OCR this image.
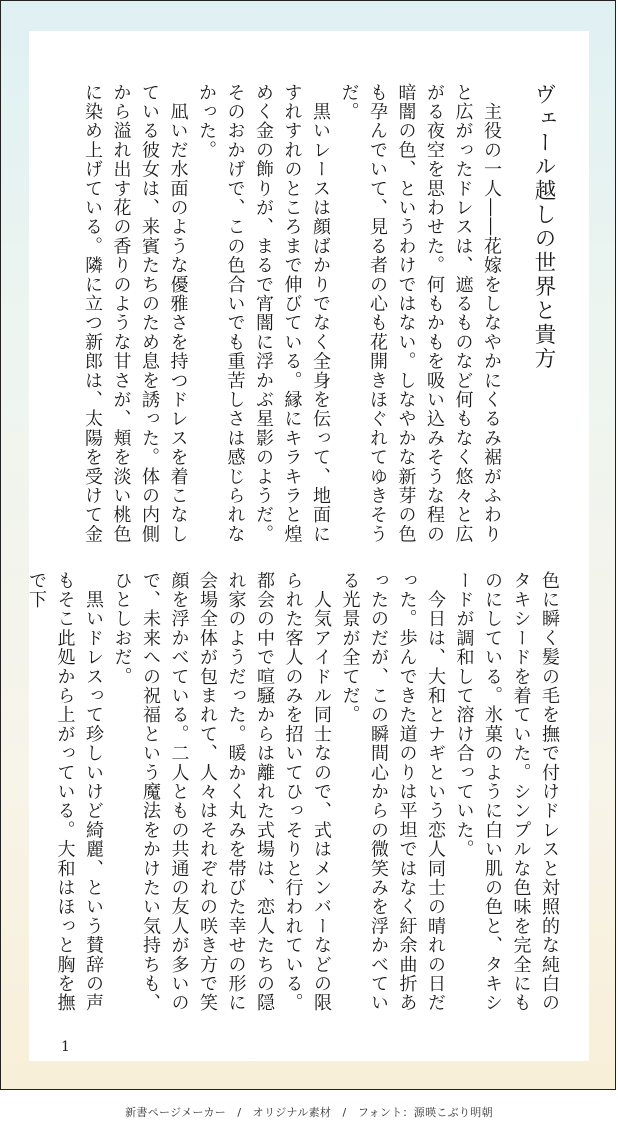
ヴェール越しの世界と貴方
　主役の一人――花嫁をしなやかにくるみ裾がふわりと広がったドレスは、遮るものなど何もなく悠々と広がる夜空を思わせた。何もかもを吸い込みそうな程の暗闇の色、というわけではない。しなやかな新芽の色も孕んでいて、見る者の心も花開きほぐれてゆきそうだ。
　黒いレースは顔ばかりでなく全身を伝って、地面にすれすれのところまで伸びている。縁にキラキラと煌めく金の飾りが、まるで宵闇に浮かぶ星影のようだ。そのおかげで、この色合いでも重苦しさは感じられなかった。
　凪いだ水面のような優雅さを持つドレスを着こなしている彼女は、来賓たちのため息を誘った。体の内側から溢れ出す花の香りのような甘さが、頬を淡い桃色に染め上げている。隣に立つ新郎は、太陽を受けて金
色に瞬く髪の毛を撫で付けドレスと対照的な純白のタキシードを着ていた。シンプルな色味を完全にものにしている。氷菓のように白い肌の色と、タキシードが調和して溶け合っていた。
　今日は、大和とナギという恋人同士の晴れの日だった。歩んできた道のりは平坦ではなく紆余曲折あったのだが、この瞬間心からの微笑みを浮かべている光景が全てだ。
　人気アイドル同士なので、式はメンバーなどの限られた客人のみを招いてひっそりと行われている。都会の中で喧騒からは離れた式場は、恋人たちの隠れ家のようだった。暖かく丸みを帯びた幸せの形に会場全体が包まれて、人々はそれぞれの咲き方で笑顔を浮かべている。二人ともの共通の友人が多いので、未来への祝福という魔法をかけたい気持ちも、ひとしおだ。
　黒いドレスって珍しいけど綺麗、という賛辞の声もそこ此処から上がっている。大和はほっと胸を撫で下
1
新書ページメーカー　/　オリジナル素材　/　フォント：源暎こぶり明朝
